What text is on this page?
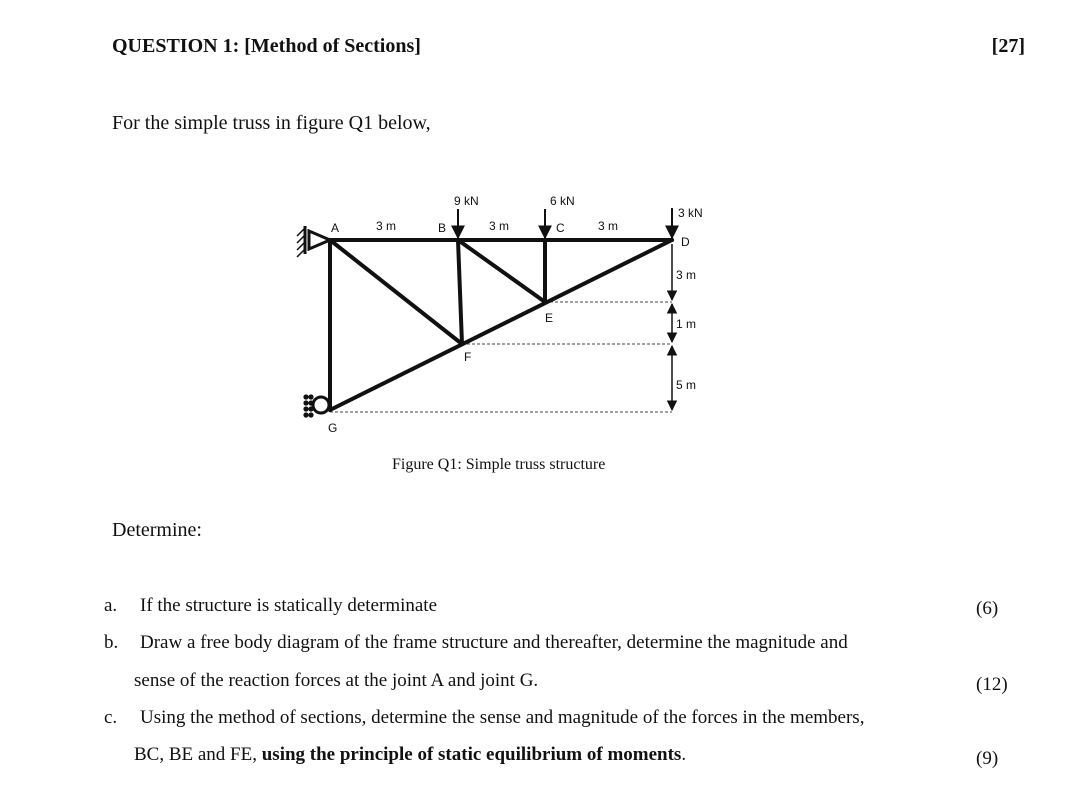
QUESTION 1: [Method of Sections]	[27]
For the simple truss in figure Q1 below,
9 kN	6 kN
3 kN
3 m	3 m	3 m
A	B	C
D
E
F
G
3 m
1 m
5 m
Figure Q1: Simple truss structure
Determine:
a. If the structure is statically determinate	(6)
b. Draw a free body diagram of the frame structure and thereafter, determine the magnitude and
sense of the reaction forces at the joint A and joint G.	(12)
c. Using the method of sections, determine the sense and magnitude of the forces in the members,
BC, BE and FE, using the principle of static equilibrium of moments.	(9)
